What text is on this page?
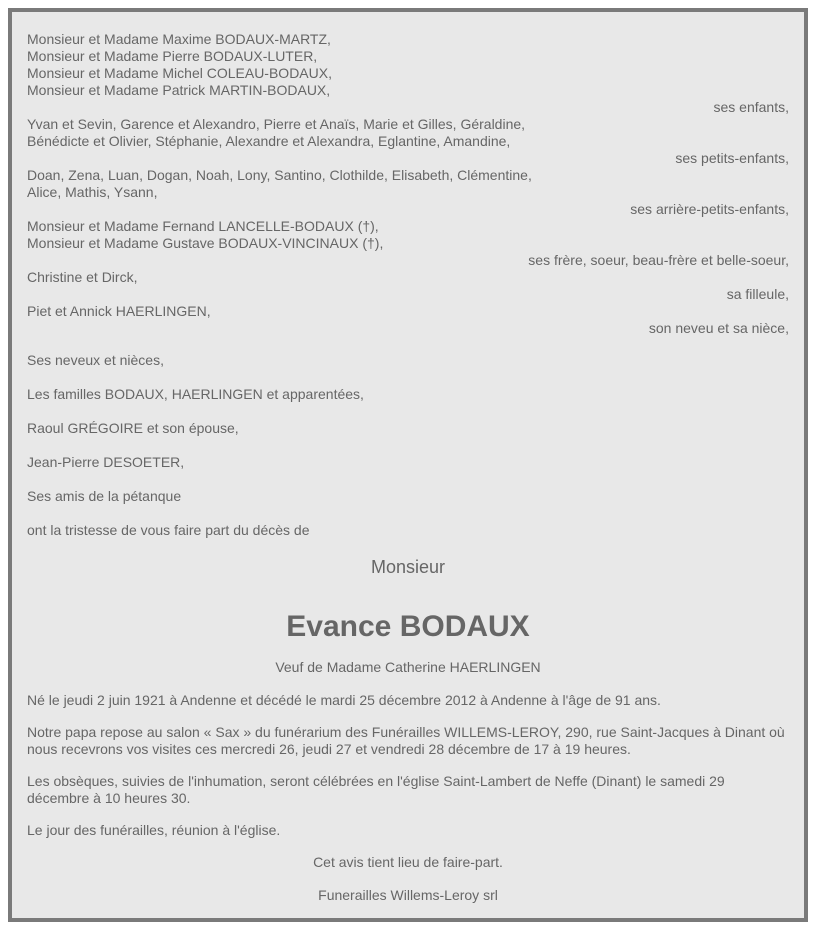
Monsieur et Madame Maxime BODAUX-MARTZ,
Monsieur et Madame Pierre BODAUX-LUTER,
Monsieur et Madame Michel COLEAU-BODAUX,
Monsieur et Madame Patrick MARTIN-BODAUX,
ses enfants,
Yvan et Sevin, Garence et Alexandro, Pierre et Anaïs, Marie et Gilles, Géraldine,
Bénédicte et Olivier, Stéphanie, Alexandre et Alexandra, Eglantine, Amandine,
ses petits-enfants,
Doan, Zena, Luan, Dogan, Noah, Lony, Santino, Clothilde, Elisabeth, Clémentine,
Alice, Mathis, Ysann,
ses arrière-petits-enfants,
Monsieur et Madame Fernand LANCELLE-BODAUX (†),
Monsieur et Madame Gustave BODAUX-VINCINAUX (†),
ses frère, soeur, beau-frère et belle-soeur,
Christine et Dirck,
sa filleule,
Piet et Annick HAERLINGEN,
son neveu et sa nièce,
Ses neveux et nièces,
Les familles BODAUX, HAERLINGEN et apparentées,
Raoul GRÉGOIRE et son épouse,
Jean-Pierre DESOETER,
Ses amis de la pétanque
ont la tristesse de vous faire part du décès de
Monsieur
Evance BODAUX
Veuf de Madame Catherine HAERLINGEN
Né le jeudi 2 juin 1921 à Andenne et décédé le mardi 25 décembre 2012 à Andenne à l'âge de 91 ans.
Notre papa repose au salon « Sax » du funérarium des Funérailles WILLEMS-LEROY, 290, rue Saint-Jacques à Dinant où nous recevrons vos visites ces mercredi 26, jeudi 27 et vendredi 28 décembre de 17 à 19 heures.
Les obsèques, suivies de l'inhumation, seront célébrées en l'église Saint-Lambert de Neffe (Dinant) le samedi 29 décembre à 10 heures 30.
Le jour des funérailles, réunion à l'église.
Cet avis tient lieu de faire-part.
Funerailles Willems-Leroy srl
